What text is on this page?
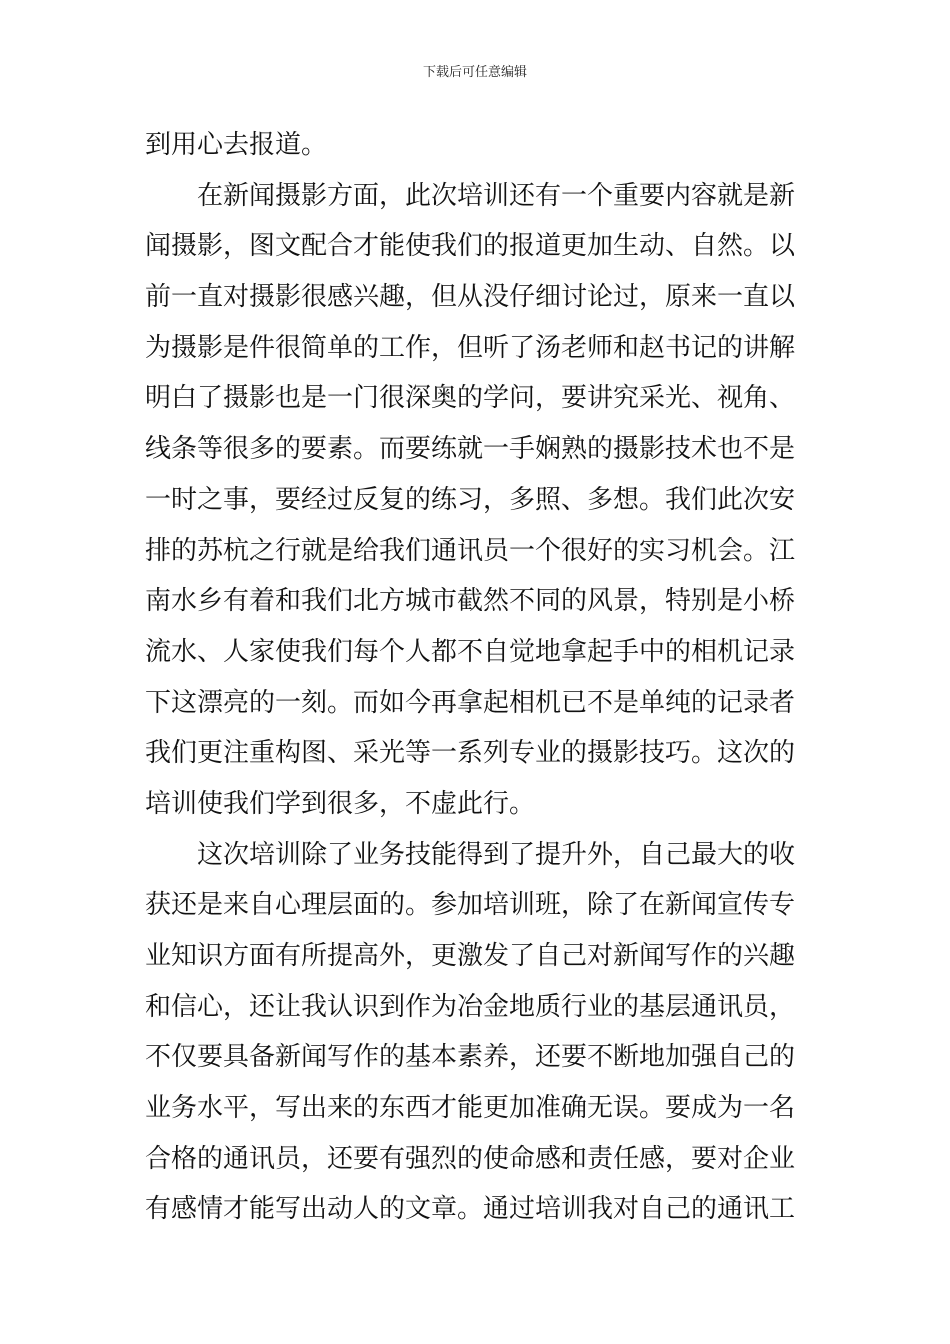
下载后可任意编辑
到用心去报道。
在新闻摄影方面，此次培训还有一个重要内容就是新
闻摄影，图文配合才能使我们的报道更加生动、自然。以
前一直对摄影很感兴趣，但从没仔细讨论过，原来一直以
为摄影是件很简单的工作，但听了汤老师和赵书记的讲解
明白了摄影也是一门很深奥的学问，要讲究采光、视角、
线条等很多的要素。而要练就一手娴熟的摄影技术也不是
一时之事，要经过反复的练习，多照、多想。我们此次安
排的苏杭之行就是给我们通讯员一个很好的实习机会。江
南水乡有着和我们北方城市截然不同的风景，特别是小桥
流水、人家使我们每个人都不自觉地拿起手中的相机记录
下这漂亮的一刻。而如今再拿起相机已不是单纯的记录者
我们更注重构图、采光等一系列专业的摄影技巧。这次的
培训使我们学到很多，不虚此行。
这次培训除了业务技能得到了提升外，自己最大的收
获还是来自心理层面的。参加培训班，除了在新闻宣传专
业知识方面有所提高外，更激发了自己对新闻写作的兴趣
和信心，还让我认识到作为冶金地质行业的基层通讯员，
不仅要具备新闻写作的基本素养，还要不断地加强自己的
业务水平，写出来的东西才能更加准确无误。要成为一名
合格的通讯员，还要有强烈的使命感和责任感，要对企业
有感情才能写出动人的文章。通过培训我对自己的通讯工
